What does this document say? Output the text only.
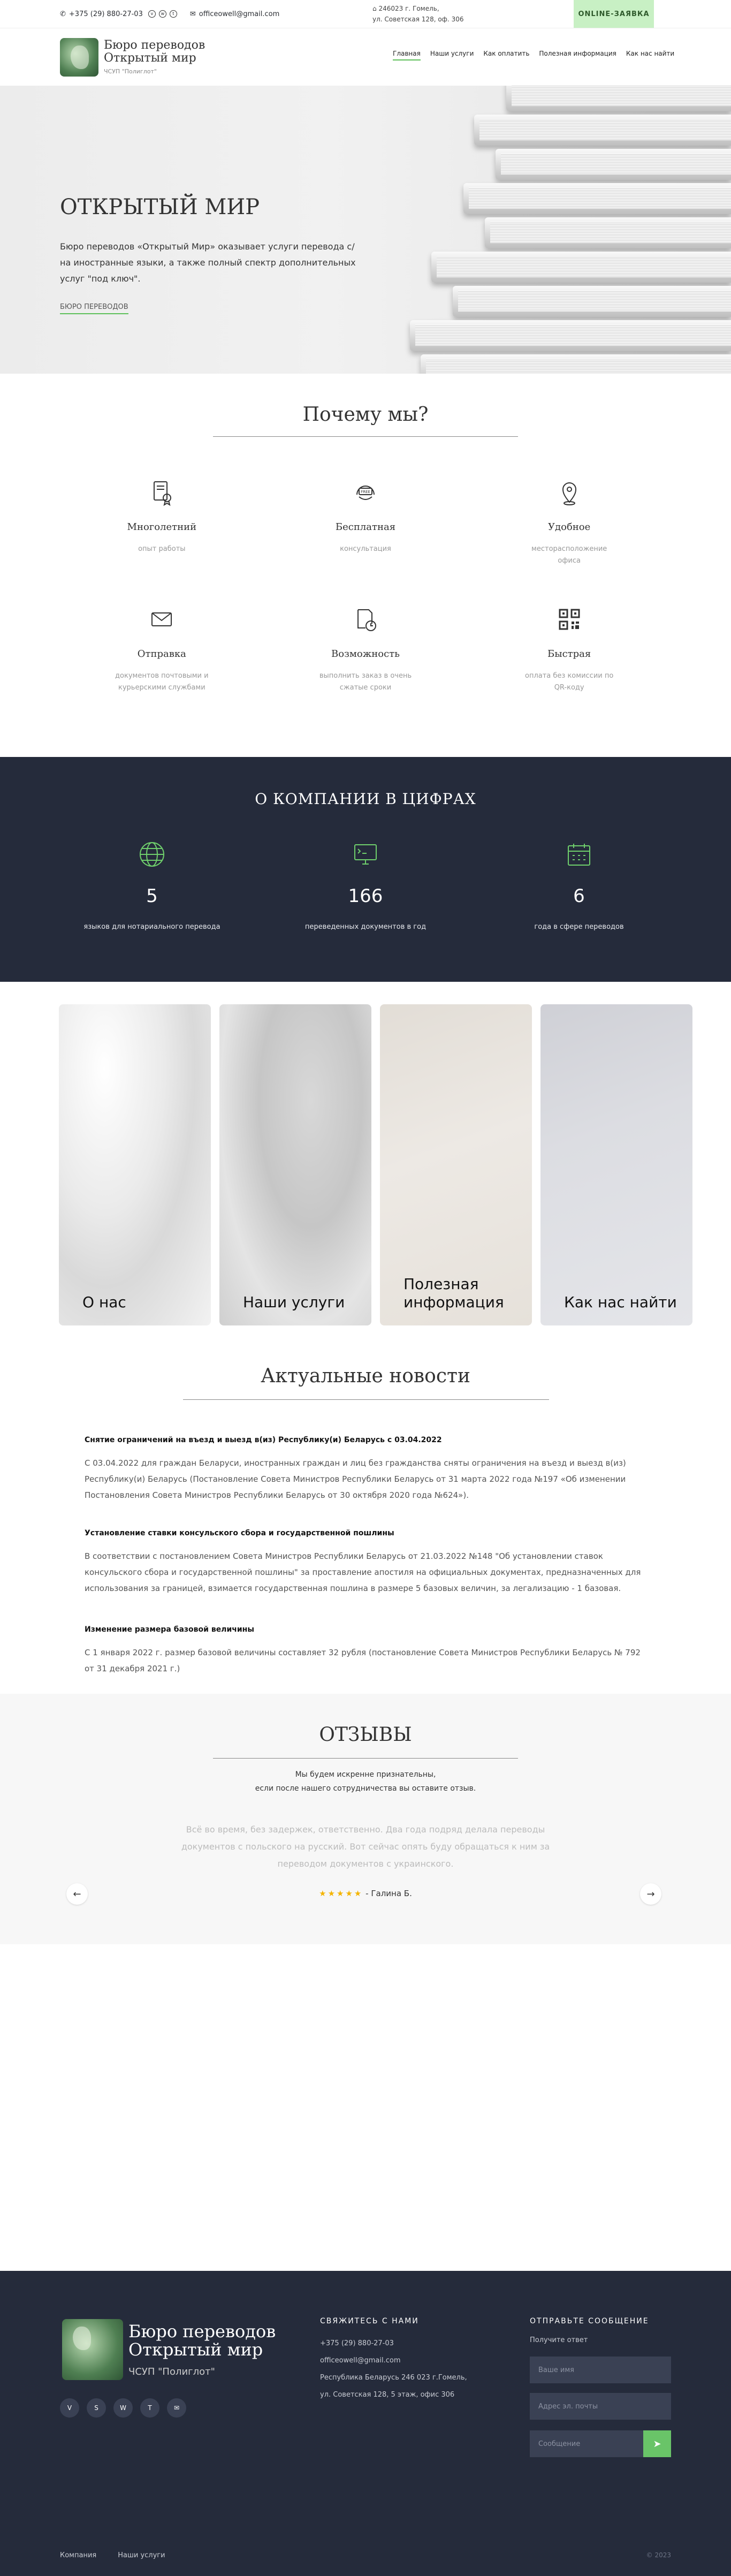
✆ +375 (29) 880-27-03	v	w	t	✉ officeowell@gmail.com
⌂ 246023 г. Гомель,
ул. Советская 128, оф. 306
ONLINE-ЗАЯВКА
Бюро переводов
Открытый мир
ЧСУП "Полиглот"
Главная Наши услуги Как оплатить Полезная информация Как нас найти
ОТКРЫТЫЙ МИР

Бюро переводов «Открытый Мир» оказывает услуги перевода с/на иностранные языки, а также полный спектр дополнительных услуг "под ключ".

БЮРО ПЕРЕВОДОВ
Почему мы?
Многолетний
опыт работы
FREE
Бесплатная
консультация
Удобное
месторасположение офиса
Отправка
документов почтовыми и курьерскими службами
Возможность
выполнить заказ в очень сжатые сроки
Быстрая
оплата без комиссии по QR-коду
О КОМПАНИИ В ЦИФРАХ
5
языков для нотариального перевода
166
переведенных документов в год
6
года в сфере переводов
О нас	Наши услуги
Полезная информация	Как нас найти
Актуальные новости
Снятие ограничений на въезд и выезд в(из) Республику(и) Беларусь с 03.04.2022
С 03.04.2022 для граждан Беларуси, иностранных граждан и лиц без гражданства сняты ограничения на въезд и выезд в(из) Республику(и) Беларусь (Постановление Совета Министров Республики Беларусь от 31 марта 2022 года №197 «Об изменении Постановления Совета Министров Республики Беларусь от 30 октября 2020 года №624»).
Установление ставки консульского сбора и государственной пошлины
В соответствии с постановлением Совета Министров Республики Беларусь от 21.03.2022 №148 "Об установлении ставок консульского сбора и государственной пошлины" за проставление апостиля на официальных документах, предназначенных для использования за границей, взимается государственная пошлина в размере 5 базовых величин, за легализацию - 1 базовая.
Изменение размера базовой величины
С 1 января 2022 г. размер базовой величины составляет 32 рубля (постановление Совета Министров Республики Беларусь № 792 от 31 декабря 2021 г.)
ОТЗЫВЫ
Мы будем искренне признательны,
если после нашего сотрудничества вы оставите отзыв.
Всё во время, без задержек, ответственно. Два года подряд делала переводы документов с польского на русский. Вот сейчас опять буду обращаться к ним за переводом документов с украинского.
★★★★★ - Галина Б.
←	→
Бюро переводов
Открытый мир
ЧСУП "Полиглот"
V	S	W	T	✉
СВЯЖИТЕСЬ С НАМИ
+375 (29) 880-27-03
officeowell@gmail.com
Республика Беларусь 246 023 г.Гомель,
ул. Советская 128, 5 этаж, офис 306
ОТПРАВЬТЕ СООБЩЕНИЕ
Получите ответ
Ваше имя
Адрес эл. почты
Сообщение
➤
Компания	Наши услуги	© 2023
